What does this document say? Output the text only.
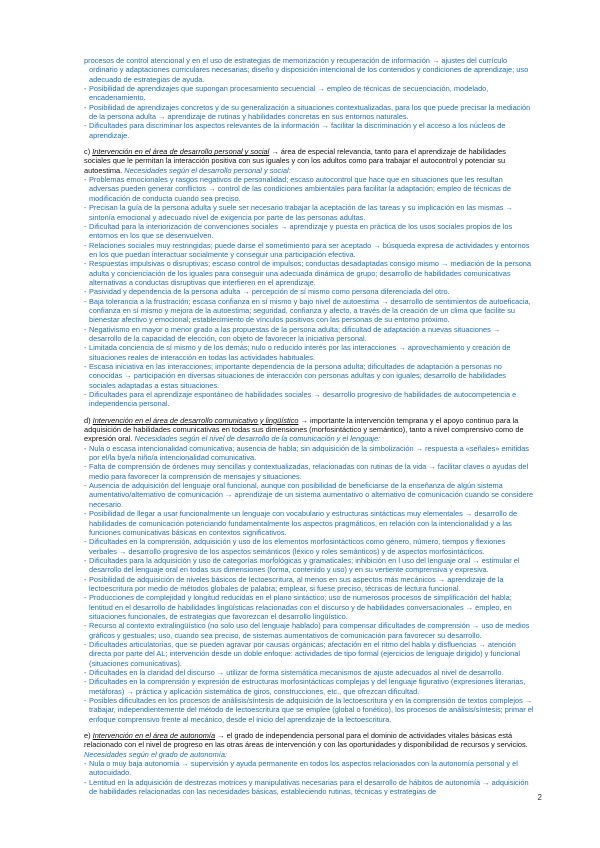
procesos de control atencional y en el uso de estrategias de memorización y recuperación de información → ajustes del currículo ordinario y adaptaciones curriculares necesarias; diseño y disposición intencional de los contenidos y condiciones de aprendizaje; uso adecuado de estrategias de ayuda.

- Posibilidad de aprendizajes que supongan procesamiento secuencial → empleo de técnicas de secuenciación, modelado, encadenamiento.

- Posibilidad de aprendizajes concretos y de su generalización a situaciones contextualizadas, para los que puede precisar la mediación de la persona adulta → aprendizaje de rutinas y habilidades concretas en sus entornos naturales.

- Dificultades para discriminar los aspectos relevantes de la información → facilitar la discriminación y el acceso a los núcleos de aprendizaje.

c) Intervención en el área de desarrollo personal y social → área de especial relevancia, tanto para el aprendizaje de habilidades sociales que le permitan la interacción positiva con sus iguales y con los adultos como para trabajar el autocontrol y potenciar su autoestima. Necesidades según el desarrollo personal y social:

- Problemas emocionales y rasgos negativos de personalidad; escaso autocontrol que hace que en situaciones que les resultan adversas pueden generar conflictos → control de las condiciones ambientales para facilitar la adaptación; empleo de técnicas de modificación de conducta cuando sea preciso.

- Precisan la guía de la persona adulta y suele ser necesario trabajar la aceptación de las tareas y su implicación en las mismas → sintonía emocional y adecuado nivel de exigencia por parte de las personas adultas.

- Dificultad para la interiorización de convenciones sociales → aprendizaje y puesta en práctica de los usos sociales propios de los entornos en los que se desenvuelven.

- Relaciones sociales muy restringidas; puede darse el sometimiento para ser aceptado → búsqueda expresa de actividades y entornos en los que puedan interactuar socialmente y conseguir una participación efectiva.

- Respuestas impulsivas o disruptivas; escaso control de impulsos; conductas desadaptadas consigo mismo → mediación de la persona adulta y concienciación de los iguales para conseguir una adecuada dinámica de grupo; desarrollo de habilidades comunicativas alternativas a conductas disruptivas que interfieren en el aprendizaje.

- Pasividad y dependencia de la persona adulta → percepción de sí mismo como persona diferenciada del otro.

- Baja tolerancia a la frustración; escasa confianza en sí mismo y bajo nivel de autoestima → desarrollo de sentimientos de autoeficacia, confianza en sí mismo y mejora de la autoestima; seguridad, confianza y afecto, a través de la creación de un clima que facilite su bienestar afectivo y emocional; establecimiento de vínculos positivos con las personas de su entorno próximo.

- Negativismo en mayor o menor grado a las propuestas de la persona adulta; dificultad de adaptación a nuevas situaciones → desarrollo de la capacidad de elección, con objeto de favorecer la iniciativa personal.

- Limitada conciencia de sí mismo y de los demás; nulo o reducido interés por las interacciones → aprovechamiento y creación de situaciones reales de interacción en todas las actividades habituales.

- Escasa iniciativa en las interacciones; importante dependencia de la persona adulta; dificultades de adaptación a personas no conocidas → participación en diversas situaciones de interacción con personas adultas y con iguales; desarrollo de habilidades sociales adaptadas a estas situaciones.

- Dificultades para el aprendizaje espontáneo de habilidades sociales → desarrollo progresivo de habilidades de autocompetencia e independencia personal.

d) Intervención en el área de desarrollo comunicativo y lingüístico → importante la intervención temprana y el apoyo continuo para la adquisición de habilidades comunicativas en todas sus dimensiones (morfosintáctico y semántico), tanto a nivel comprensivo como de expresión oral. Necesidades según el nivel de desarrollo de la comunicación y el lenguaje:

- Nula o escasa intencionalidad comunicativa; ausencia de habla; sin adquisición de la simbolización → respuesta a «señales» emitidas por el/la bye/a niño/a intencionalidad comunicativa.

- Falta de comprensión de órdenes muy sencillas y contextualizadas, relacionadas con rutinas de la vida → facilitar claves o ayudas del medio para favorecer la comprensión de mensajes y situaciones.

- Ausencia de adquisición del lenguaje oral funcional, aunque con posibilidad de beneficiarse de la enseñanza de algún sistema aumentativo/alternativo de comunicación → aprendizaje de un sistema aumentativo o alternativo de comunicación cuando se considere necesario.

- Posibilidad de llegar a usar funcionalmente un lenguaje con vocabulario y estructuras sintácticas muy elementales → desarrollo de habilidades de comunicación potenciando fundamentalmente los aspectos pragmáticos, en relación con la intencionalidad y a las funciones comunicativas básicas en contextos significativos.

- Dificultades en la comprensión, adquisición y uso de los elementos morfosintácticos como género, número, tiempos y flexiones verbales → desarrollo progresivo de los aspectos semánticos (léxico y roles semánticos) y de aspectos morfosintácticos.

- Dificultades para la adquisición y uso de categorías morfológicas y gramaticales; inhibición en l uso del lenguaje oral → estimular el desarrollo del lenguaje oral en todas sus dimensiones (forma, contenido y uso) y en su vertiente comprensiva y expresiva.

- Posibilidad de adquisición de niveles básicos de lectoescritura, al menos en sus aspectos más mecánicos → aprendizaje de la lectoescritura por medio de métodos globales de palabra; emplear, si fuese preciso, técnicas de lectura funcional.

- Producciones de complejidad y longitud reducidas en el plano sintáctico; uso de numerosos procesos de simplificación del habla; lentitud en el desarrollo de habilidades lingüísticas relacionadas con el discurso y de habilidades conversacionales → empleo, en situaciones funcionales, de estrategias que favorezcan el desarrollo lingüístico.

- Recurso al contexto extralingüístico (no solo uso del lenguaje hablado) para compensar dificultades de comprensión → uso de medios gráficos y gestuales; uso, cuando sea preciso, de sistemas aumentativos de comunicación para favorecer su desarrollo.

- Dificultades articulatorias, que se pueden agravar por causas orgánicas; afectación en el ritmo del habla y disfluencias → atención directa por parte del AL; intervención desde un doble enfoque: actividades de tipo formal (ejercicios de lenguaje dirigido) y funcional (situaciones comunicativas).

- Dificultades en la claridad del discurso → utilizar de forma sistemática mecanismos de ajuste adecuados al nivel de desarrollo.

- Dificultades en la comprensión y expresión de estructuras morfosintácticas complejas y del lenguaje figurativo (expresiones literarias, metáforas) → práctica y aplicación sistemática de giros, construcciones, etc., que ofrezcan dificultad.

- Posibles dificultades en los procesos de análisis/síntesis de adquisición de la lectoescritura y en la comprensión de textos complejos → trabajar, independientemente del método de lectoescritura que se emplee (global o fonético), los procesos de análisis/síntesis; primar el enfoque comprensivo frente al mecánico, desde el inicio del aprendizaje de la lectoescritura.

e) Intervención en el área de autonomía → el grado de independencia personal para el dominio de actividades vitales básicas está relacionado con el nivel de progreso en las otras áreas de intervención y con las oportunidades y disponibilidad de recursos y servicios. Necesidades según el grado de autonomía:

- Nula o muy baja autonomía → supervisión y ayuda permanente en todos los aspectos relacionados con la autonomía personal y el autocuidado.

- Lentitud en la adquisición de destrezas motrices y manipulativas necesarias para el desarrollo de hábitos de autonomía → adquisición de habilidades relacionadas con las necesidades básicas, estableciendo rutinas, técnicas y estrategias de

2
